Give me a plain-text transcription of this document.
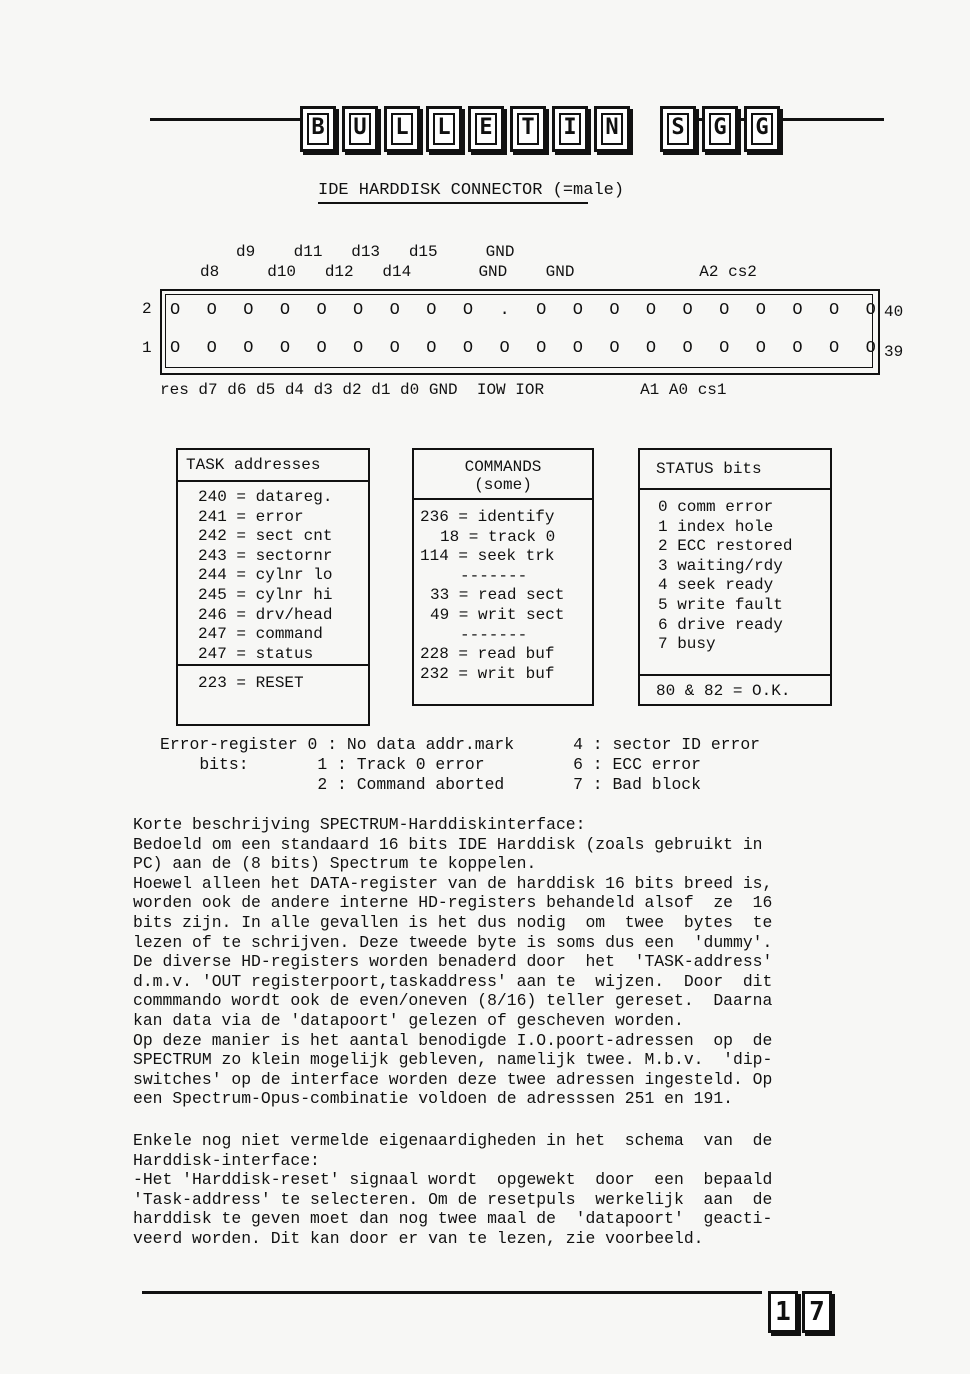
B U L L E T I N S G G
IDE HARDDISK CONNECTOR (=male)
d9    d11   d13   d15     GND
d8     d10   d12   d14       GND    GND             A2 cs2
2	40
1	39
O O O O O O O O O . O O O O O O O O O O
O O O O O O O O O O O O O O O O O O O O
res d7 d6 d5 d4 d3 d2 d1 d0 GND  IOW IOR          A1 A0 cs1
TASK addresses
240 = datareg.
241 = error
242 = sect cnt
243 = sectornr
244 = cylnr lo
245 = cylnr hi
246 = drv/head
247 = command
247 = status
223 = RESET
COMMANDS
(some)
236 = identify
18 = track 0
114 = seek trk
-------
33 = read sect
49 = writ sect
-------
228 = read buf
232 = writ buf
STATUS bits
0 comm error
1 index hole
2 ECC restored
3 waiting/rdy
4 seek ready
5 write fault
6 drive ready
7 busy
80 & 82 = O.K.
Error-register 0 : No data addr.mark      4 : sector ID error
bits:       1 : Track 0 error         6 : ECC error
2 : Command aborted       7 : Bad block
Korte beschrijving SPECTRUM-Harddiskinterface:
Bedoeld om een standaard 16 bits IDE Harddisk (zoals gebruikt in
PC) aan de (8 bits) Spectrum te koppelen.
Hoewel alleen het DATA-register van de harddisk 16 bits breed is,
worden ook de andere interne HD-registers behandeld alsof  ze  16
bits zijn. In alle gevallen is het dus nodig  om  twee  bytes  te
lezen of te schrijven. Deze tweede byte is soms dus een  'dummy'.
De diverse HD-registers worden benaderd door  het  'TASK-address'
d.m.v. 'OUT registerpoort,taskaddress' aan te  wijzen.  Door  dit
commmando wordt ook de even/oneven (8/16) teller gereset.  Daarna
kan data via de 'datapoort' gelezen of gescheven worden.
Op deze manier is het aantal benodigde I.O.poort-adressen  op  de
SPECTRUM zo klein mogelijk gebleven, namelijk twee. M.b.v.  'dip-
switches' op de interface worden deze twee adressen ingesteld. Op
een Spectrum-Opus-combinatie voldoen de adresssen 251 en 191.
Enkele nog niet vermelde eigenaardigheden in het  schema  van  de
Harddisk-interface:
-Het 'Harddisk-reset' signaal wordt  opgewekt  door  een  bepaald
'Task-address' te selecteren. Om de resetpuls  werkelijk  aan  de
harddisk te geven moet dan nog twee maal de  'datapoort'  geacti-
veerd worden. Dit kan door er van te lezen, zie voorbeeld.
1 7
